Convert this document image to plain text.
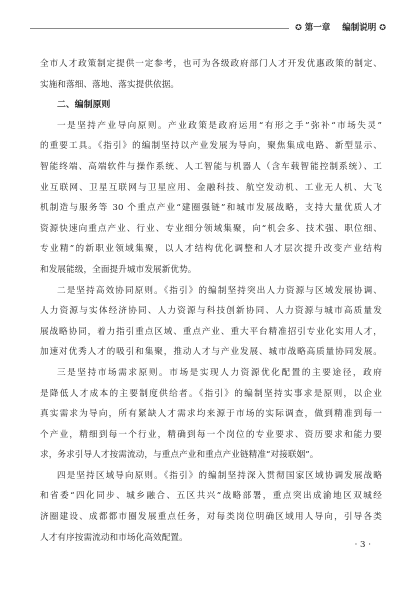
✪ 第一章 编制说明 ✪
全市人才政策制定提供一定参考，也可为各级政府部门人才开发优惠政策的制定、
实施和落细、落地、落实提供依据。
二、编制原则
一是坚持产业导向原则。产业政策是政府运用“有形之手”弥补“市场失灵”
的重要工具。《指引》的编制坚持以产业发展为导向，聚焦集成电路、新型显示、
智能终端、高端软件与操作系统、人工智能与机器人（含车载智能控制系统）、工
业互联网、卫星互联网与卫星应用、金融科技、航空发动机、工业无人机、大飞
机制造与服务等 30 个重点产业“建圈强链”和城市发展战略，支持大量优质人才
资源快速向重点产业、行业、专业细分领域集聚，向“机会多、技术强、职位细、
专业精”的新职业领域集聚，以人才结构优化调整和人才层次提升改变产业结构
和发展能级，全面提升城市发展新优势。
二是坚持高效协同原则。《指引》的编制坚持突出人力资源与区域发展协调、
人力资源与实体经济协同、人力资源与科技创新协同、人力资源与城市高质量发
展战略协同，着力指引重点区域、重点产业、重大平台精准招引专业化实用人才，
加速对优秀人才的吸引和集聚，推动人才与产业发展、城市战略高质量协同发展。
三是坚持市场需求原则。市场是实现人力资源优化配置的主要途径，政府
是降低人才成本的主要制度供给者。《指引》的编制坚持实事求是原则，以企业
真实需求为导向，所有紧缺人才需求均来源于市场的实际调查，做到精准到每一
个产业，精细到每一个行业，精确到每一个岗位的专业要求、资历要求和能力要
求，务求引导人才按需流动，与重点产业和重点产业链精准“对接联姻”。
四是坚持区域导向原则。《指引》的编制坚持深入贯彻国家区域协调发展战略
和省委“四化同步、城乡融合、五区共兴”战略部署，重点突出成渝地区双城经
济圈建设、成都都市圈发展重点任务，对每类岗位明确区域用人导向，引导各类
人才有序按需流动和市场化高效配置。
· 3 ·
